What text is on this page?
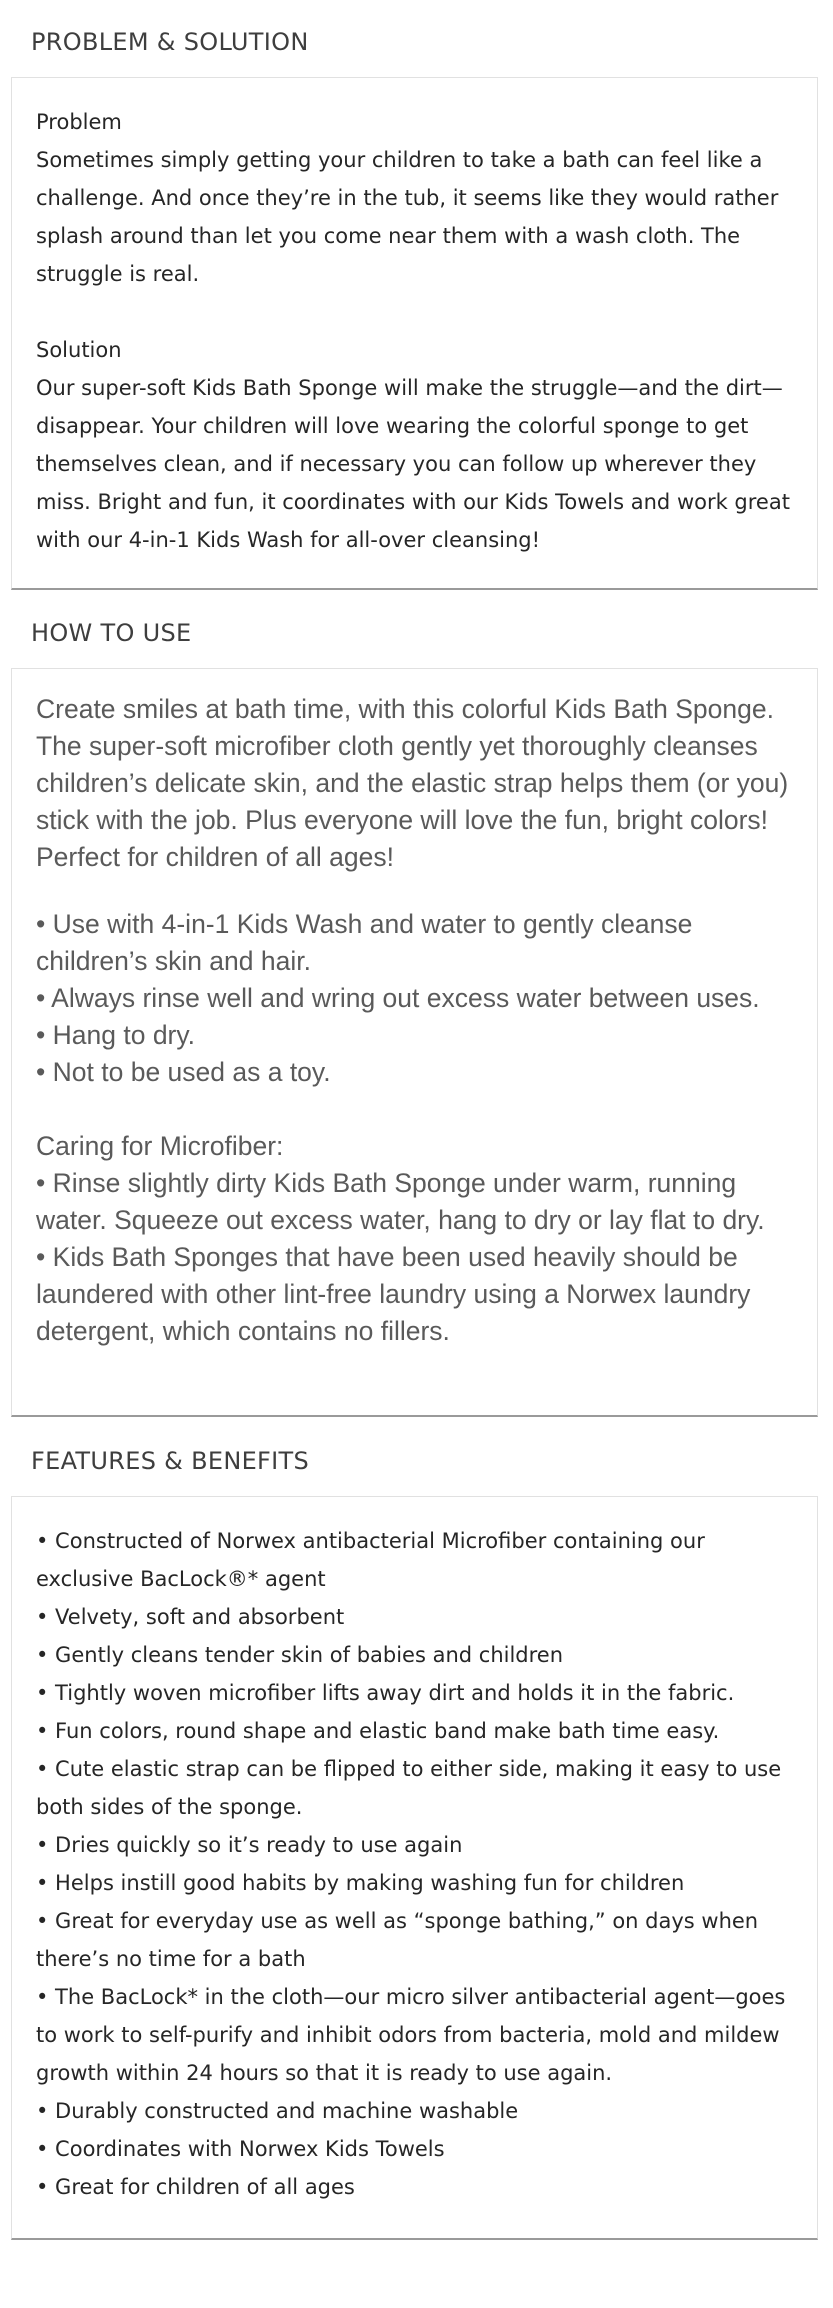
PROBLEM & SOLUTION
Problem
Sometimes simply getting your children to take a bath can feel like a challenge. And once they’re in the tub, it seems like they would rather splash around than let you come near them with a wash cloth. The struggle is real.
Solution
Our super-soft Kids Bath Sponge will make the struggle—and the dirt—disappear. Your children will love wearing the colorful sponge to get themselves clean, and if necessary you can follow up wherever they miss. Bright and fun, it coordinates with our Kids Towels and work great with our 4-in-1 Kids Wash for all-over cleansing!
HOW TO USE
Create smiles at bath time, with this colorful Kids Bath Sponge. The super-soft microfiber cloth gently yet thoroughly cleanses children’s delicate skin, and the elastic strap helps them (or you) stick with the job. Plus everyone will love the fun, bright colors! Perfect for children of all ages!
• Use with 4-in-1 Kids Wash and water to gently cleanse children’s skin and hair.
• Always rinse well and wring out excess water between uses.
• Hang to dry.
• Not to be used as a toy.
Caring for Microfiber:
• Rinse slightly dirty Kids Bath Sponge under warm, running water. Squeeze out excess water, hang to dry or lay flat to dry.
• Kids Bath Sponges that have been used heavily should be laundered with other lint-free laundry using a Norwex laundry detergent, which contains no fillers.
FEATURES & BENEFITS
• Constructed of Norwex antibacterial Microfiber containing our exclusive BacLock®* agent
• Velvety, soft and absorbent
• Gently cleans tender skin of babies and children
• Tightly woven microfiber lifts away dirt and holds it in the fabric.
• Fun colors, round shape and elastic band make bath time easy.
• Cute elastic strap can be flipped to either side, making it easy to use both sides of the sponge.
• Dries quickly so it’s ready to use again
• Helps instill good habits by making washing fun for children
• Great for everyday use as well as “sponge bathing,” on days when there’s no time for a bath
• The BacLock* in the cloth—our micro silver antibacterial agent—goes to work to self-purify and inhibit odors from bacteria, mold and mildew growth within 24 hours so that it is ready to use again.
• Durably constructed and machine washable
• Coordinates with Norwex Kids Towels
• Great for children of all ages
